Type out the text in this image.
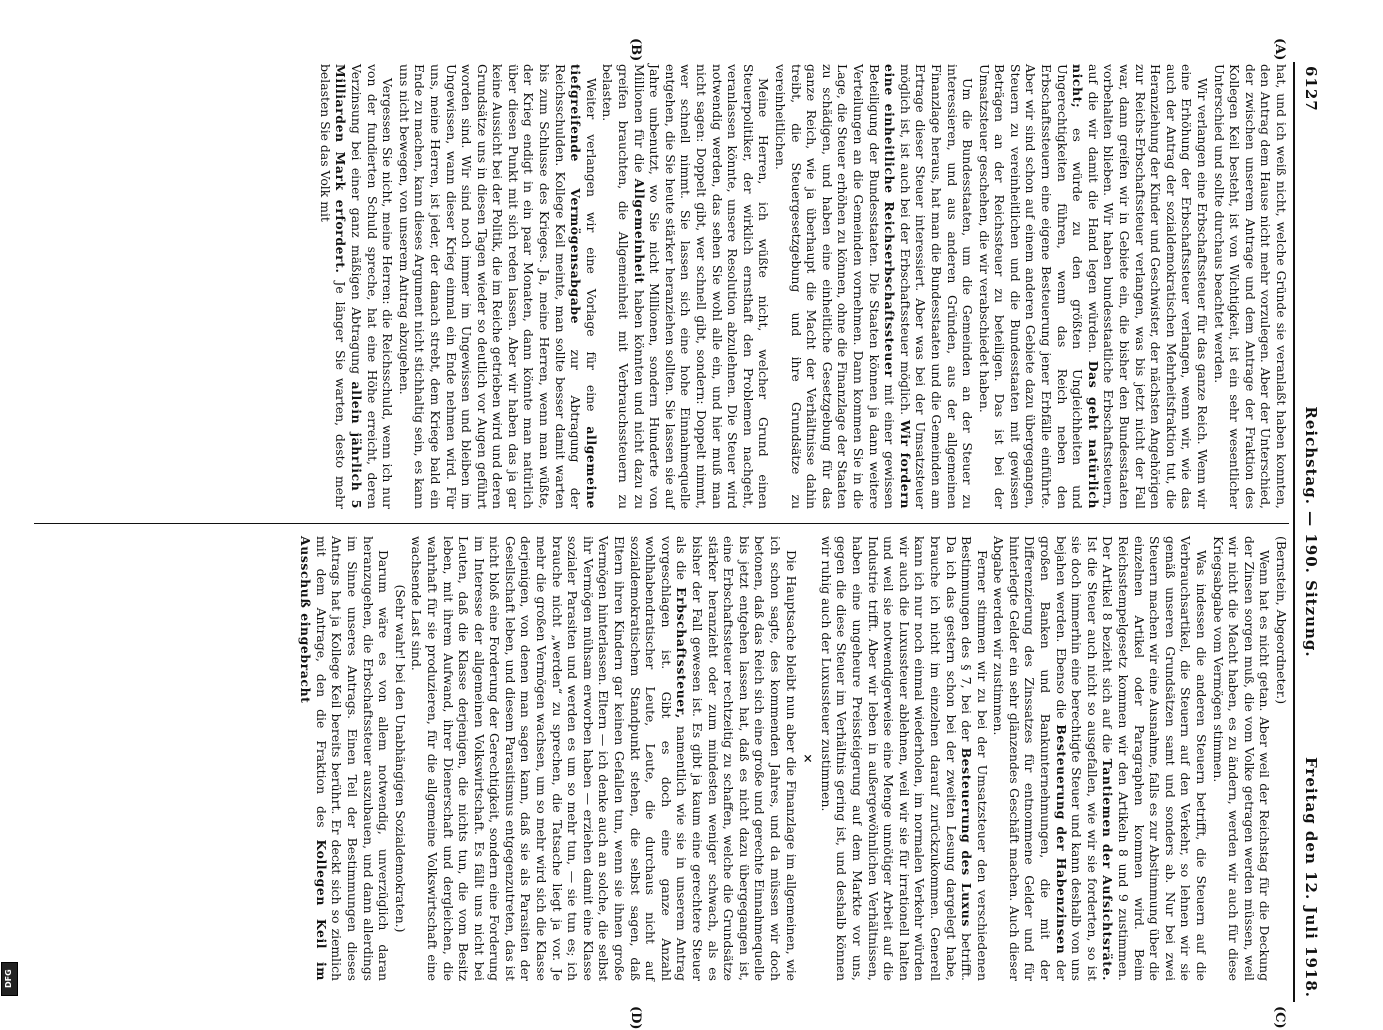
DFG
6127
Reichstag. — 190. Sitzung.
Freitag den 12. Juli 1918.
(A)
(B)
(C)
(D)

(Bernstein, Abgeordneter.)

Wenn hat es nicht getan. Aber weil der Reichstag für die Deckung der Zinsen sorgen muß, die vom Volke getragen werden müssen, weil wir nicht die Macht haben, es zu ändern, werden wir auch für diese Kriegsabgabe vom Vermögen stimmen.

Was indessen die anderen Steuern betrifft, die Steuern auf die Verbrauchsartikel, die Steuern auf den Verkehr, so lehnen wir sie gemäß unseren Grundsätzen samt und sonders ab. Nur bei zwei Steuern machen wir eine Ausnahme, falls es zur Abstimmung über die einzelnen Artikel oder Paragraphen kommen wird. Beim Reichsstempelgesetz kommen wir den Artikeln 8 und 9 zustimmen. Der Artikel 8 bezieht sich auf die Tantiemen der Aufsichtsräte. Ist die Steuer auch nicht so ausgefallen, wie wir sie forderten, so ist sie doch immerhin eine berechtigte Steuer und kann deshalb von uns bejahen werden. Ebenso die Besteuerung der Habenzinsen der großen Banken und Bankunternehmungen, die mit der Differenzierung des Zinssatzes für entnommene Gelder und für hinterlegte Gelder ein sehr glänzendes Geschäft machen. Auch dieser Abgabe werden wir zustimmen.

Ferner stimmen wir zu bei der Umsatzsteuer den verschiedenen Bestimmungen des § 7, bei der Besteuerung des Luxus betrifft. Da ich das gestern schon bei der zweiten Lesung dargelegt habe, brauche ich nicht im einzelnen darauf zurückzukommen. Generell kann ich nur noch einmal wiederholen, im normalen Verkehr würden wir auch die Luxussteuer ablehnen, weil wir sie für irrationell halten und weil sie notwendigerweise eine Menge unnötiger Arbeit auf die Industrie trifft. Aber wir leben in außergewöhnlichen Verhältnissen, haben eine ungeheure Preissteigerung auf dem Markte vor uns, gegen die diese Steuer im Verhältnis gering ist, und deshalb können wir ruhig auch der Luxussteuer zustimmen.

×

Die Hauptsache bleibt nun aber die Finanzlage im allgemeinen, wie ich schon sagte, des kommenden Jahres, und da müssen wir doch betonen, daß das Reich sich eine große und gerechte Einnahmequelle bis jetzt entgehen lassen hat, daß es nicht dazu übergegangen ist, eine Erbschaftssteuer rechtzeitig zu schaffen, welche die Grundsätze stärker heranzieht oder zum mindesten weniger schwach, als es bisher der Fall gewesen ist. Es gibt ja kaum eine gerechtere Steuer als die Erbschaftssteuer, namentlich wie sie in unserem Antrag vorgeschlagen ist. Gibt es doch eine ganze Anzahl wohlhabendratischer Leute, Leute, die durchaus nicht auf sozialdemokratischem Standpunkt stehen, die selbst sagen, daß Eltern ihren Kindern gar keinen Gefallen tun, wenn sie ihnen große Vermögen hinterlassen. Eltern — ich denke auch an solche, die selbst ihr Vermögen mühsam erworben haben — erziehen damit eine Klasse sozialer Parasiten und werden es um so mehr tun, — sie tun es; ich brauche nicht „werden“ zu sprechen, die Tatsache liegt ja vor. Je mehr die großen Vermögen wachsen, um so mehr wird sich die Klasse derjenigen, von denen man sagen kann, daß sie als Parasiten der Gesellschaft leben, und diesem Parasitismus entgegenzutreten, das ist nicht bloß eine Forderung der Gerechtigkeit, sondern eine Forderung im Interesse der allgemeinen Volkswirtschaft. Es fällt uns nicht bei Leuten, daß die Klasse derjenigen, die nichts tun, die vom Besitz leben, mit ihrem Aufwand, ihrer Dienerschaft und dergleichen, die wahrhaft für sie produzieren, für die allgemeine Volkswirtschaft eine wachsende Last sind.

(Sehr wahr! bei den Unabhängigen Sozialdemokraten.)

Darum wäre es von allem notwendig, unverzüglich daran heranzugehen, die Erbschaftssteuer auszubauen, und dann allerdings im Sinne unseres Antrags. Einen Teil der Bestimmungen dieses Antrags hat ja Kollege Keil bereits berührt. Er deckt sich so ziemlich mit dem Antrage, den die Fraktion des Kollegen Keil im Ausschuß eingebracht

hat, und ich weiß nicht, welche Gründe sie veranlaßt haben konnten, den Antrag dem Hause nicht mehr vorzulegen. Aber der Unterschied, der zwischen unserem Antrage und dem Antrage der Fraktion des Kollegen Keil besteht, ist von Wichtigkeit, ist ein sehr wesentlicher Unterschied und sollte durchaus beachtet werden.

Wir verlangen eine Erbschaftssteuer für das ganze Reich. Wenn wir eine Erhöhung der Erbschaftssteuer verlangen, wenn wir, wie das auch der Antrag der sozialdemokratischen Mehrheitsfraktion tut, die Heranziehung der Kinder und Geschwister, der nächsten Angehörigen zur Reichs-Erbschaftssteuer verlangen, was bis jetzt nicht der Fall war, dann greifen wir in Gebiete ein, die bisher den Bundesstaaten vorbehalten blieben. Wir haben bundesstaatliche Erbschaftssteuern, auf die wir damit die Hand legen würden. Das geht natürlich nicht; es würde zu den größten Ungleichheiten und Ungerechtigkeiten führen, wenn das Reich neben den Erbschaftssteuern eine eigene Besteuerung jener Erbfälle einführte. Aber wir sind schon auf einem anderen Gebiete dazu übergegangen, Steuern zu vereinheitlichen und die Bundesstaaten mit gewissen Beträgen an der Reichssteuer zu beteiligen. Das ist bei der Umsatzsteuer geschehen, die wir verabschiedet haben.

Um die Bundesstaaten, um die Gemeinden an der Steuer zu interessieren, und aus anderen Gründen, aus der allgemeinen Finanzlage heraus, hat man die Bundesstaaten und die Gemeinden am Ertrage dieser Steuer interessiert. Aber was bei der Umsatzsteuer möglich ist, ist auch bei der Erbschaftssteuer möglich. Wir fordern eine einheitliche Reichserbschaftssteuer mit einer gewissen Beteiligung der Bundesstaaten. Die Staaten können ja dann weitere Verteilungen an die Gemeinden vornehmen. Dann kommen Sie in die Lage, die Steuer erhöhen zu können, ohne die Finanzlage der Staaten zu schädigen, und haben eine einheitliche Gesetzgebung für das ganze Reich, wie ja überhaupt die Macht der Verhältnisse dahin treibt, die Steuergesetzgebung und ihre Grundsätze zu vereinheitlichen.

Meine Herren, ich wüßte nicht, welcher Grund einen Steuerpolitiker, der wirklich ernsthaft den Problemen nachgeht, veranlassen könnte, unsere Resolution abzulehnen. Die Steuer wird notwendig werden, das sehen Sie wohl alle ein, und hier muß man nicht sagen: Doppelt gibt, wer schnell gibt, sondern: Doppelt nimmt, wer schnell nimmt. Sie lassen sich eine hohe Einnahmequelle entgehen, die Sie heute stärker heranziehen sollten. Sie lassen sie auf Jahre unbenutzt, wo Sie nicht Millionen, sondern Hunderte von Millionen für die Allgemeinheit haben könnten und nicht dazu zu greifen brauchten, die Allgemeinheit mit Verbrauchssteuern zu belasten.

Weiter verlangen wir eine Vorlage für eine allgemeine tiefgreifende Vermögensabgabe zur Abtragung der Reichsschulden. Kollege Keil meinte, man sollte besser damit warten bis zum Schlusse des Krieges. Ja, meine Herren, wenn man wüßte, der Krieg endigt in ein paar Monaten, dann könnte man natürlich über diesen Punkt mit sich reden lassen. Aber wir haben das ja gar keine Aussicht bei der Politik, die im Reiche getrieben wird und deren Grundsätze uns in diesen Tagen wieder so deutlich vor Augen geführt worden sind. Wir sind noch immer im Ungewissen und bleiben im Ungewissen, wann dieser Krieg einmal ein Ende nehmen wird. Für uns, meine Herren, ist jeder, der danach strebt, dem Kriege bald ein Ende zu machen, kann dieses Argument nicht stichhaltig sein, es kann uns nicht bewegen, von unserem Antrag abzugehen.

Vergessen Sie nicht, meine Herren: die Reichsschuld, wenn ich nur von der fundierten Schuld spreche, hat eine Höhe erreicht, deren Verzinsung bei einer ganz mäßigen Abtragung allein jährlich 5 Milliarden Mark erfordert. Je länger Sie warten, desto mehr belasten Sie das Volk mit
